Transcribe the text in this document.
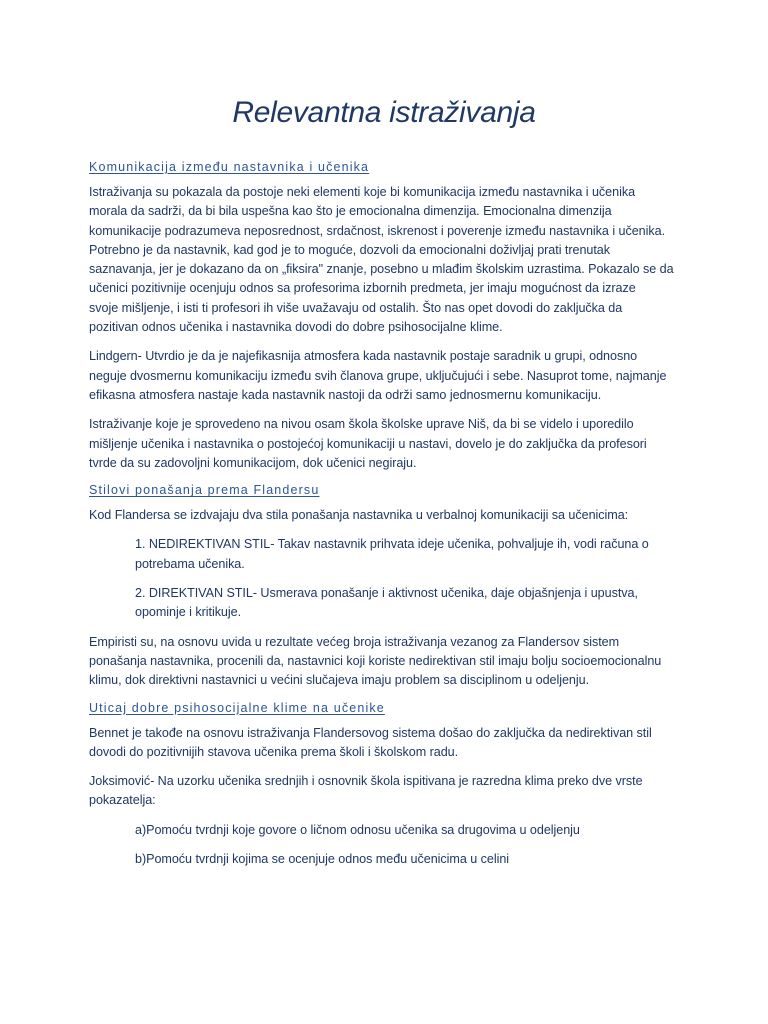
Relevantna istraživanja
Komunikacija između nastavnika i učenika

Istraživanja su pokazala da postoje neki elementi koje bi komunikacija između nastavnika i učenika
morala da sadrži, da bi bila uspešna kao što je emocionalna dimenzija. Emocionalna dimenzija
komunikacije podrazumeva neposrednost, srdačnost, iskrenost i poverenje između nastavnika i učenika.
Potrebno je da nastavnik, kad god je to moguće, dozvoli da emocionalni doživljaj prati trenutak
saznavanja, jer je dokazano da on „fiksira" znanje, posebno u mlađim školskim uzrastima. Pokazalo se da
učenici pozitivnije ocenjuju odnos sa profesorima izbornih predmeta, jer imaju mogućnost da izraze
svoje mišljenje, i isti ti profesori ih više uvažavaju od ostalih. Što nas opet dovodi do zaključka da
pozitivan odnos učenika i nastavnika dovodi do dobre psihosocijalne klime.

Lindgern- Utvrdio je da je najefikasnija atmosfera kada nastavnik postaje saradnik u grupi, odnosno
neguje dvosmernu komunikaciju između svih članova grupe, uključujući i sebe. Nasuprot tome, najmanje
efikasna atmosfera nastaje kada nastavnik nastoji da održi samo jednosmernu komunikaciju.

Istraživanje koje je sprovedeno na nivou osam škola školske uprave Niš, da bi se videlo i uporedilo
mišljenje učenika i nastavnika o postojećoj komunikaciji u nastavi, dovelo je do zaključka da profesori
tvrde da su zadovoljni komunikacijom, dok učenici negiraju.

Stilovi ponašanja prema Flandersu

Kod Flandersa se izdvajaju dva stila ponašanja nastavnika u verbalnoj komunikaciji sa učenicima:

1. NEDIREKTIVAN STIL- Takav nastavnik prihvata ideje učenika, pohvaljuje ih, vodi računa o
potrebama učenika.

2. DIREKTIVAN STIL- Usmerava ponašanje i aktivnost učenika, daje objašnjenja i upustva,
opominje i kritikuje.

Empiristi su, na osnovu uvida u rezultate većeg broja istraživanja vezanog za Flandersov sistem
ponašanja nastavnika, procenili da, nastavnici koji koriste nedirektivan stil imaju bolju socioemocionalnu
klimu, dok direktivni nastavnici u većini slučajeva imaju problem sa disciplinom u odeljenju.

Uticaj dobre psihosocijalne klime na učenike

Bennet je takođe na osnovu istraživanja Flandersovog sistema došao do zaključka da nedirektivan stil
dovodi do pozitivnijih stavova učenika prema školi i školskom radu.

Joksimović- Na uzorku učenika srednjih i osnovnik škola ispitivana je razredna klima preko dve vrste
pokazatelja:

a)Pomoću tvrdnji koje govore o ličnom odnosu učenika sa drugovima u odeljenju

b)Pomoću tvrdnji kojima se ocenjuje odnos među učenicima u celini
